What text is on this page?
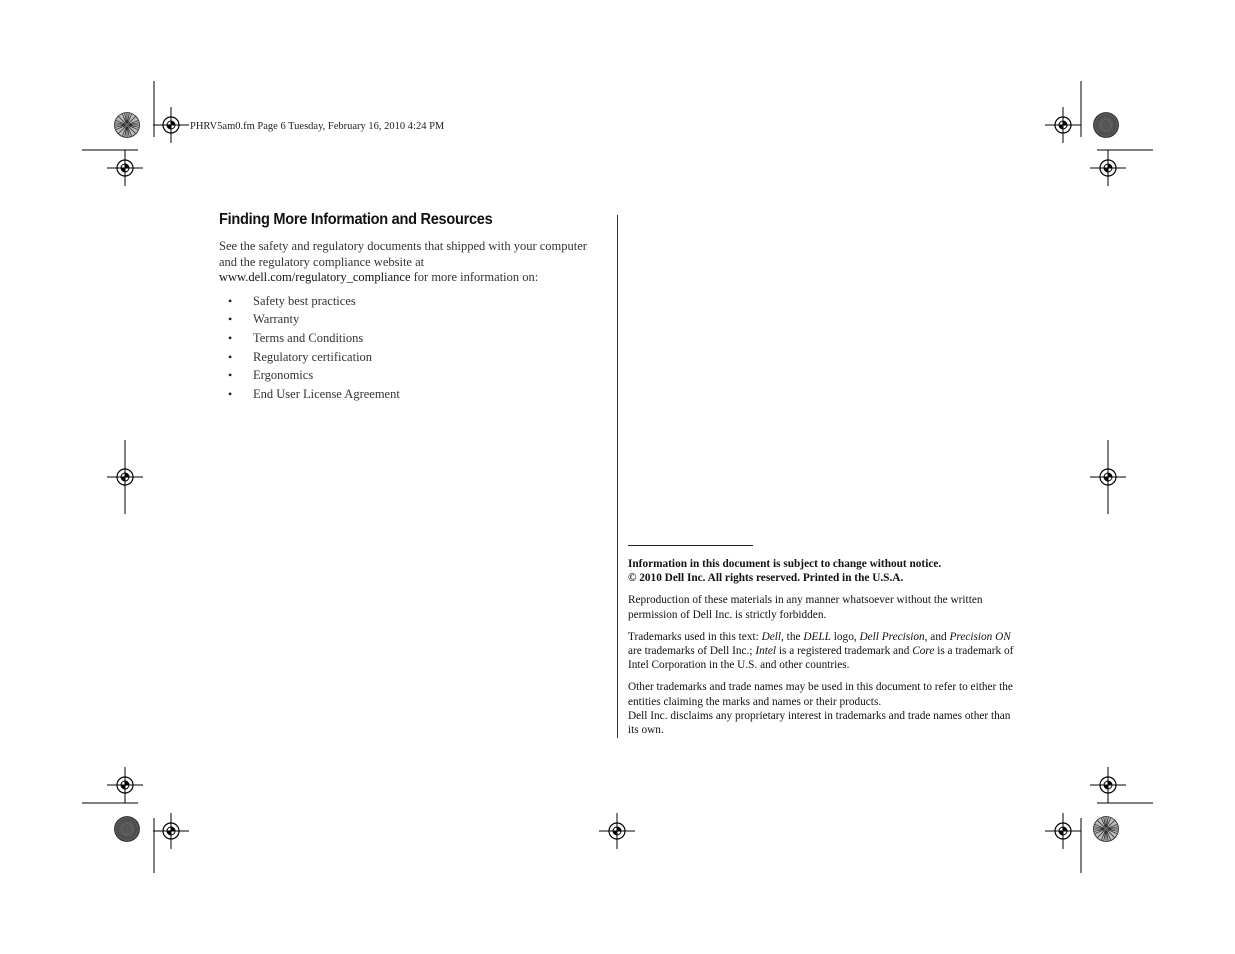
PHRV5am0.fm Page 6 Tuesday, February 16, 2010 4:24 PM
Finding More Information and Resources

See the safety and regulatory documents that shipped with your computer
and the regulatory compliance website at
www.dell.com/regulatory_compliance for more information on:

• Safety best practices
• Warranty
• Terms and Conditions
• Regulatory certification
• Ergonomics
• End User License Agreement

Information in this document is subject to change without notice.
© 2010 Dell Inc. All rights reserved. Printed in the U.S.A.

Reproduction of these materials in any manner whatsoever without the written permission of Dell Inc. is strictly forbidden.

Trademarks used in this text: Dell, the DELL logo, Dell Precision, and Precision ON are trademarks of Dell Inc.; Intel is a registered trademark and Core is a trademark of Intel Corporation in the U.S. and other countries.

Other trademarks and trade names may be used in this document to refer to either the entities claiming the marks and names or their products.
Dell Inc. disclaims any proprietary interest in trademarks and trade names other than its own.
